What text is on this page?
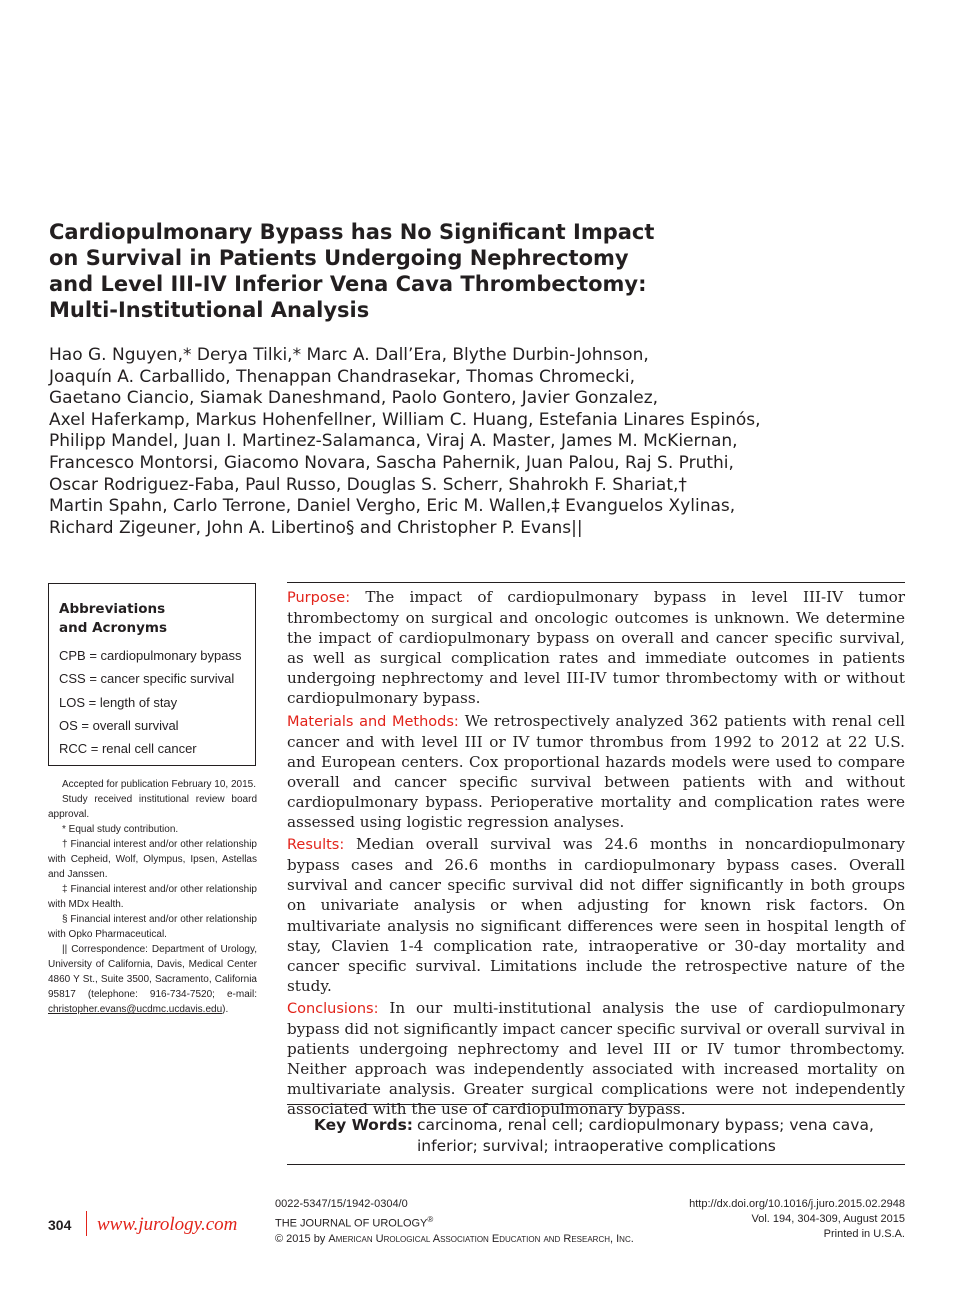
Cardiopulmonary Bypass has No Significant Impact
on Survival in Patients Undergoing Nephrectomy
and Level III-IV Inferior Vena Cava Thrombectomy:
Multi-Institutional Analysis
Hao G. Nguyen,* Derya Tilki,* Marc A. Dall’Era, Blythe Durbin-Johnson,
Joaquín A. Carballido, Thenappan Chandrasekar, Thomas Chromecki,
Gaetano Ciancio, Siamak Daneshmand, Paolo Gontero, Javier Gonzalez,
Axel Haferkamp, Markus Hohenfellner, William C. Huang, Estefania Linares Espinós,
Philipp Mandel, Juan I. Martinez-Salamanca, Viraj A. Master, James M. McKiernan,
Francesco Montorsi, Giacomo Novara, Sascha Pahernik, Juan Palou, Raj S. Pruthi,
Oscar Rodriguez-Faba, Paul Russo, Douglas S. Scherr, Shahrokh F. Shariat,†
Martin Spahn, Carlo Terrone, Daniel Vergho, Eric M. Wallen,‡ Evanguelos Xylinas,
Richard Zigeuner, John A. Libertino§ and Christopher P. Evans||
Abbreviations
and Acronyms
CPB = cardiopulmonary bypass
CSS = cancer specific survival
LOS = length of stay
OS = overall survival
RCC = renal cell cancer

Accepted for publication February 10, 2015.

Study received institutional review board approval.

* Equal study contribution.

† Financial interest and/or other relationship with Cepheid, Wolf, Olympus, Ipsen, Astellas and Janssen.

‡ Financial interest and/or other relationship with MDx Health.

§ Financial interest and/or other relationship with Opko Pharmaceutical.

|| Correspondence: Department of Urology, University of California, Davis, Medical Center 4860 Y St., Suite 3500, Sacramento, California 95817 (telephone: 916-734-7520; e-mail: christopher.evans@ucdmc.ucdavis.edu).

Purpose: The impact of cardiopulmonary bypass in level III-IV tumor thrombectomy on surgical and oncologic outcomes is unknown. We determine the impact of cardiopulmonary bypass on overall and cancer specific survival, as well as surgical complication rates and immediate outcomes in patients undergoing nephrectomy and level III-IV tumor thrombectomy with or without cardiopulmonary bypass.

Materials and Methods: We retrospectively analyzed 362 patients with renal cell cancer and with level III or IV tumor thrombus from 1992 to 2012 at 22 U.S. and European centers. Cox proportional hazards models were used to compare overall and cancer specific survival between patients with and without cardiopulmonary bypass. Perioperative mortality and complication rates were assessed using logistic regression analyses.

Results: Median overall survival was 24.6 months in noncardiopulmonary bypass cases and 26.6 months in cardiopulmonary bypass cases. Overall survival and cancer specific survival did not differ significantly in both groups on univariate analysis or when adjusting for known risk factors. On multivariate analysis no significant differences were seen in hospital length of stay, Clavien 1-4 complication rate, intraoperative or 30-day mortality and cancer specific survival. Limitations include the retrospective nature of the study.

Conclusions: In our multi-institutional analysis the use of cardiopulmonary bypass did not significantly impact cancer specific survival or overall survival in patients undergoing nephrectomy and level III or IV tumor thrombectomy. Neither approach was independently associated with increased mortality on multivariate analysis. Greater surgical complications were not independently associated with the use of cardiopulmonary bypass.

Key Words: carcinoma, renal cell; cardiopulmonary bypass; vena cava, inferior; survival; intraoperative complications
304 www.jurology.com
0022-5347/15/1942-0304/0
THE JOURNAL OF UROLOGY®
© 2015 by American Urological Association Education and Research, Inc.
http://dx.doi.org/10.1016/j.juro.2015.02.2948
Vol. 194, 304-309, August 2015
Printed in U.S.A.
